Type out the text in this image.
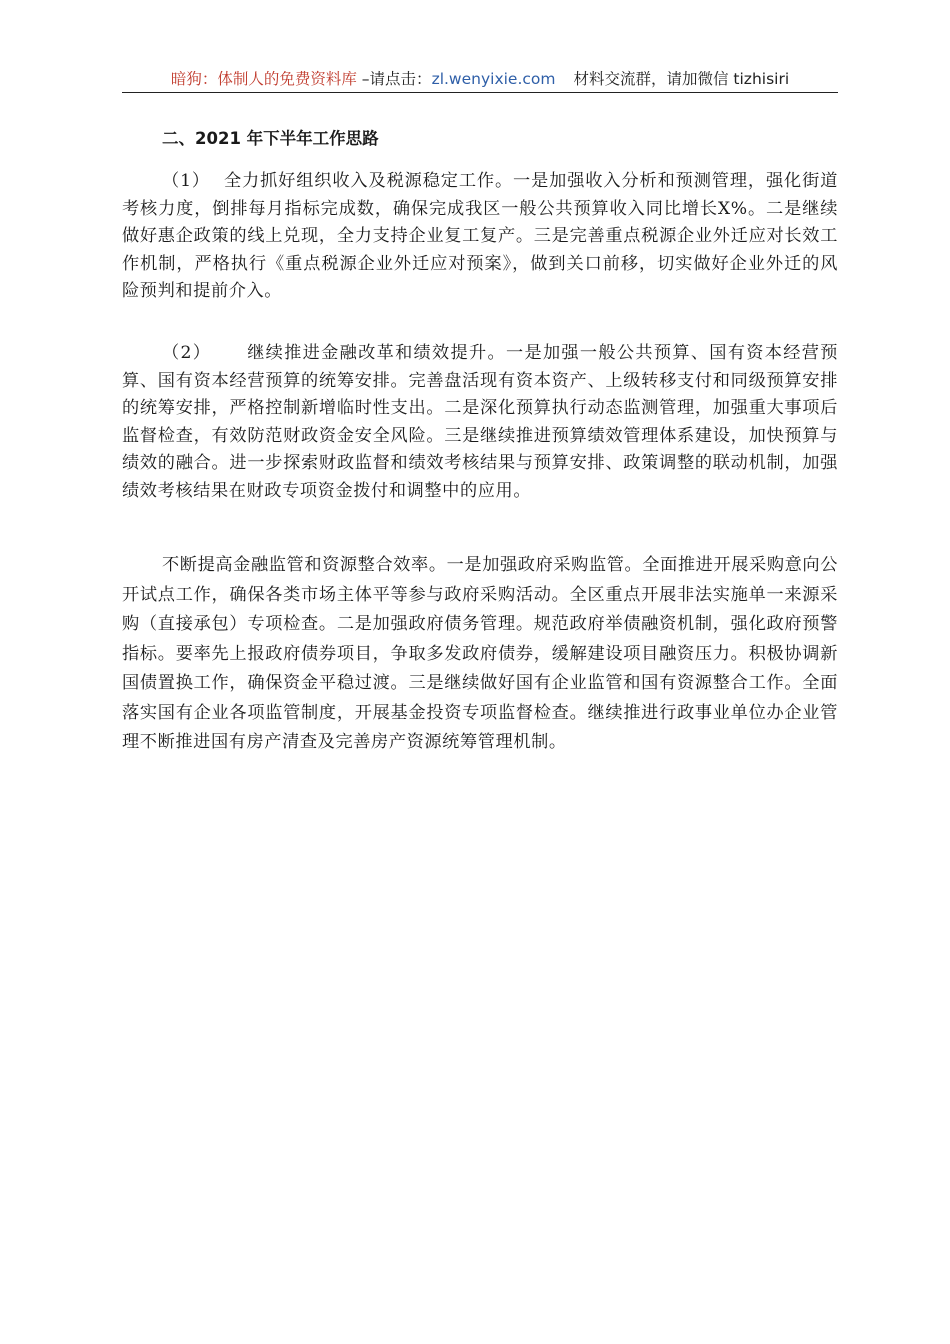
暗狗：体制人的免费资料库 –请点击：zl.wenyixie.com 材料交流群，请加微信 tizhisiri
二、2021 年下半年工作思路
（1） 全力抓好组织收入及税源稳定工作。一是加强收入分析和预测管理，强化街道考核力度，倒排每月指标完成数，确保完成我区一般公共预算收入同比增长X%。二是继续做好惠企政策的线上兑现，全力支持企业复工复产。三是完善重点税源企业外迁应对长效工作机制，严格执行《重点税源企业外迁应对预案》，做到关口前移，切实做好企业外迁的风险预判和提前介入。
（2） 继续推进金融改革和绩效提升。一是加强一般公共预算、国有资本经营预算、国有资本经营预算的统筹安排。完善盘活现有资本资产、上级转移支付和同级预算安排的统筹安排，严格控制新增临时性支出。二是深化预算执行动态监测管理，加强重大事项后监督检查，有效防范财政资金安全风险。三是继续推进预算绩效管理体系建设，加快预算与绩效的融合。进一步探索财政监督和绩效考核结果与预算安排、政策调整的联动机制，加强绩效考核结果在财政专项资金拨付和调整中的应用。
不断提高金融监管和资源整合效率。一是加强政府采购监管。全面推进开展采购意向公开试点工作，确保各类市场主体平等参与政府采购活动。全区重点开展非法实施单一来源采购（直接承包）专项检查。二是加强政府债务管理。规范政府举债融资机制，强化政府预警指标。要率先上报政府债券项目，争取多发政府债券，缓解建设项目融资压力。积极协调新国债置换工作，确保资金平稳过渡。三是继续做好国有企业监管和国有资源整合工作。全面落实国有企业各项监管制度，开展基金投资专项监督检查。继续推进行政事业单位办企业管理不断推进国有房产清查及完善房产资源统筹管理机制。
